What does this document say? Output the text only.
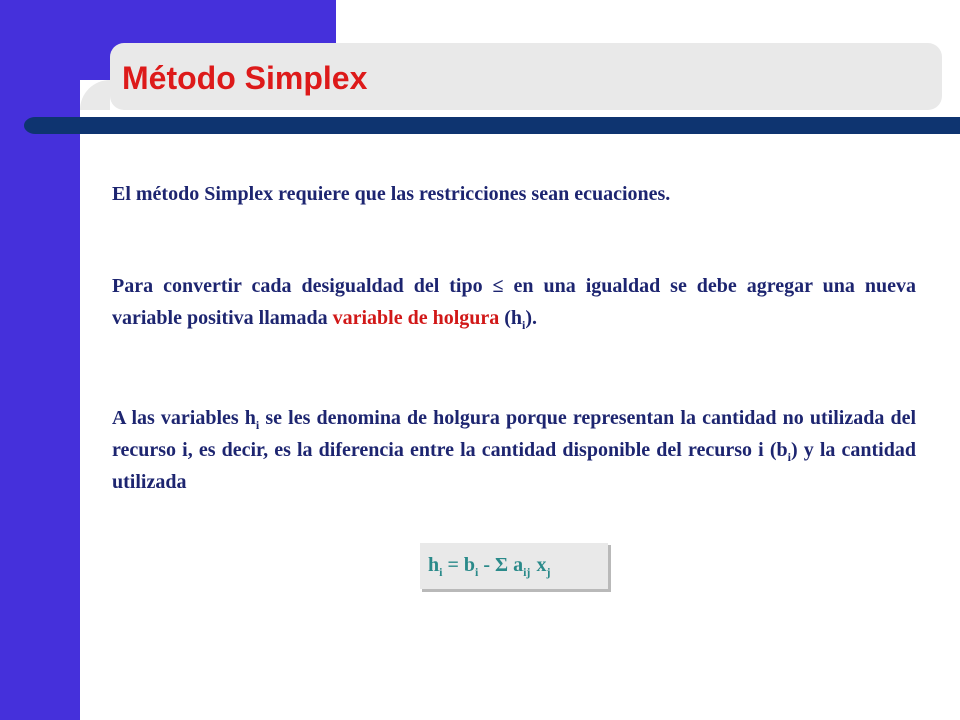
Método Simplex

El método Simplex requiere que las restricciones sean ecuaciones.

Para convertir cada desigualdad del tipo ≤ en una igualdad se debe agregar una nueva variable positiva llamada variable de holgura $(h_i)$.

A las variables $h_i$ se les denomina de holgura porque representan la cantidad no utilizada del recurso i, es decir, es la diferencia entre la cantidad disponible del recurso i $(b_i)$ y la cantidad utilizada

$h_i = b_i - \Sigma$ $a_{ij}$ $x_j$
